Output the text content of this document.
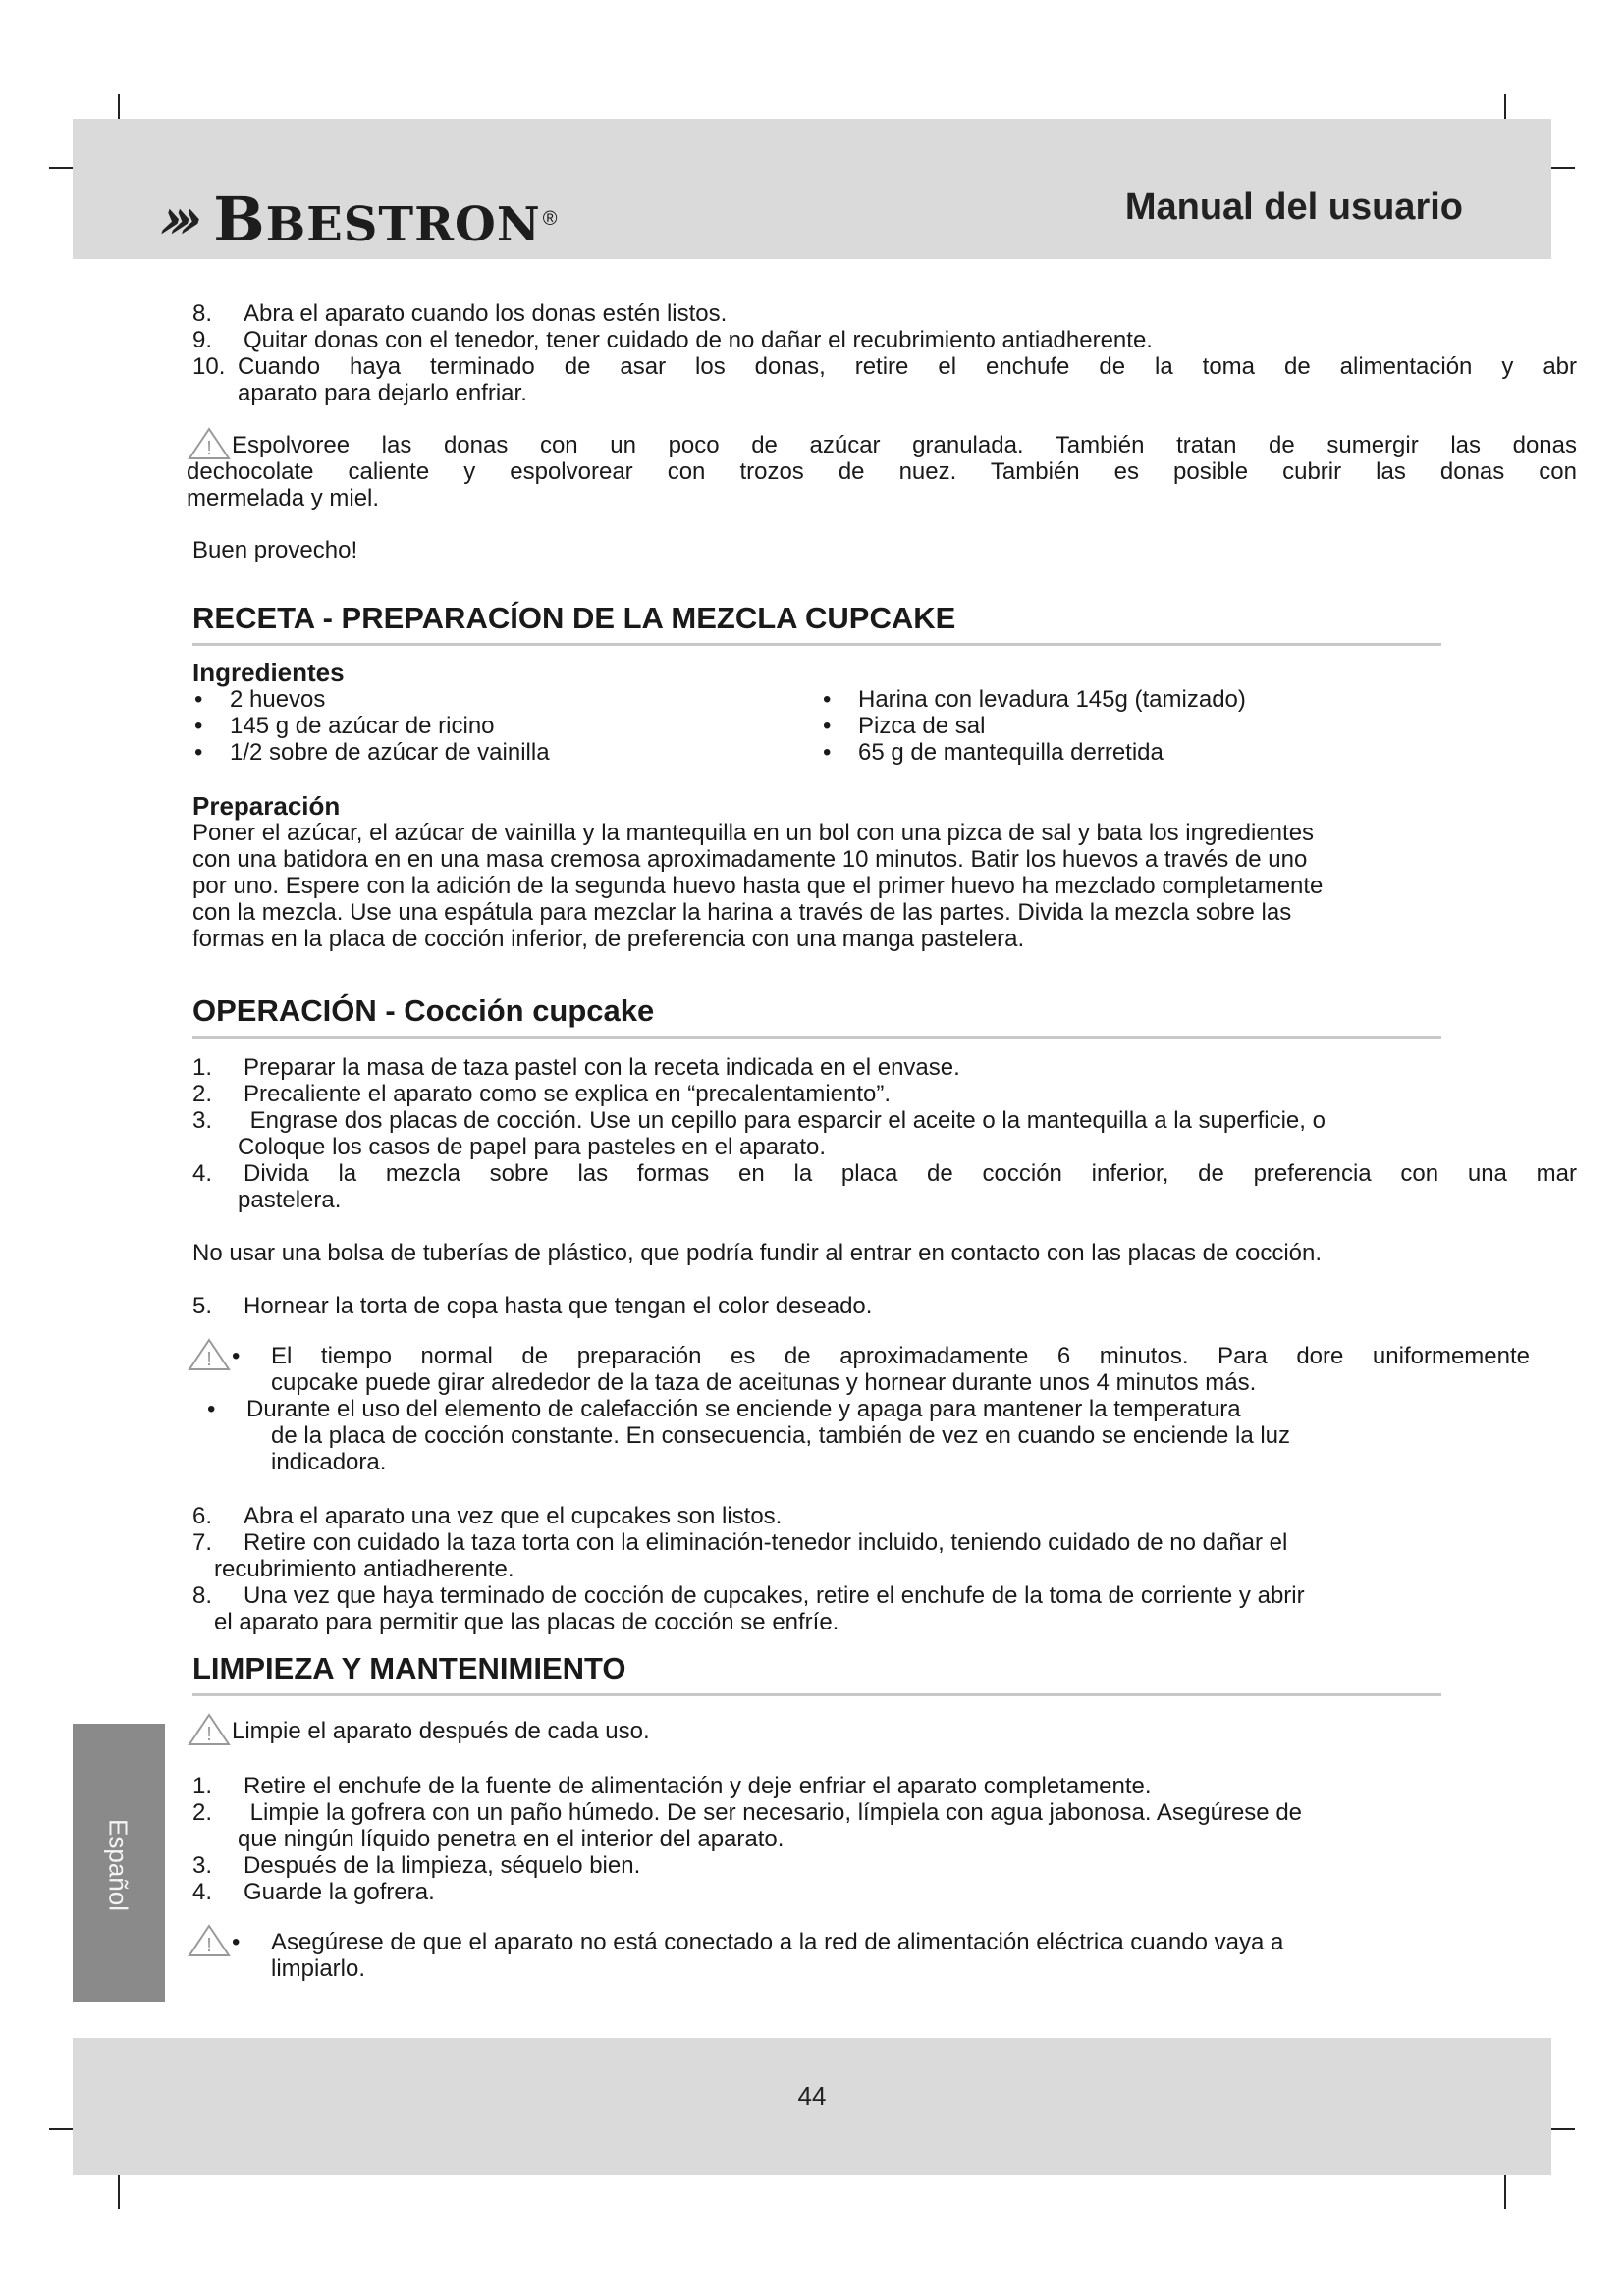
››› BBESTRON ®	Manual del usuario
8.	Abra el aparato cuando los donas estén listos.
9.	Quitar donas con el tenedor, tener cuidado de no dañar el recubrimiento antiadherente.
10. Cuando haya terminado de asar los donas, retire el enchufe de la toma de alimentación y abr
aparato para dejarlo enfriar.
! Espolvoree las donas con un poco de azúcar granulada. También tratan de sumergir las donas
dechocolate caliente y espolvorear con trozos de nuez. También es posible cubrir las donas con
mermelada y miel.
Buen provecho!
RECETA - PREPARACÍON DE LA MEZCLA CUPCAKE
Ingredientes
•	2 huevos
•	145 g de azúcar de ricino
•	1/2 sobre de azúcar de vainilla
•	Harina con levadura 145g (tamizado)
•	Pizca de sal
•	65 g de mantequilla derretida
Preparación
Poner el azúcar, el azúcar de vainilla y la mantequilla en un bol con una pizca de sal y bata los ingredientes
con una batidora en en una masa cremosa aproximadamente 10 minutos. Batir los huevos a través de uno
por uno. Espere con la adición de la segunda huevo hasta que el primer huevo ha mezclado completamente
con la mezcla. Use una espátula para mezclar la harina a través de las partes. Divida la mezcla sobre las
formas en la placa de cocción inferior, de preferencia con una manga pastelera.
OPERACIÓN - Cocción cupcake
1.	Preparar la masa de taza pastel con la receta indicada en el envase.
2.	Precaliente el aparato como se explica en “precalentamiento”.
3.	Engrase dos placas de cocción. Use un cepillo para esparcir el aceite o la mantequilla a la superficie, o
Coloque los casos de papel para pasteles en el aparato.
4.	Divida la mezcla sobre las formas en la placa de cocción inferior, de preferencia con una mar
pastelera.
No usar una bolsa de tuberías de plástico, que podría fundir al entrar en contacto con las placas de cocción.
5.	Hornear la torta de copa hasta que tengan el color deseado.
! •	El tiempo normal de preparación es de aproximadamente 6 minutos. Para dore uniformemente
cupcake puede girar alrededor de la taza de aceitunas y hornear durante unos 4 minutos más.
•	Durante el uso del elemento de calefacción se enciende y apaga para mantener la temperatura
de la placa de cocción constante. En consecuencia, también de vez en cuando se enciende la luz
indicadora.
6.	Abra el aparato una vez que el cupcakes son listos.
7.	Retire con cuidado la taza torta con la eliminación-tenedor incluido, teniendo cuidado de no dañar el
recubrimiento antiadherente.
8.	Una vez que haya terminado de cocción de cupcakes, retire el enchufe de la toma de corriente y abrir
el aparato para permitir que las placas de cocción se enfríe.
LIMPIEZA Y MANTENIMIENTO
! Limpie el aparato después de cada uso.
1.	Retire el enchufe de la fuente de alimentación y deje enfriar el aparato completamente.
2.	Limpie la gofrera con un paño húmedo. De ser necesario, límpiela con agua jabonosa. Asegúrese de
que ningún líquido penetra en el interior del aparato.
3.	Después de la limpieza, séquelo bien.
4.	Guarde la gofrera.
! •	Asegúrese de que el aparato no está conectado a la red de alimentación eléctrica cuando vaya a
limpiarlo.
Español
44
